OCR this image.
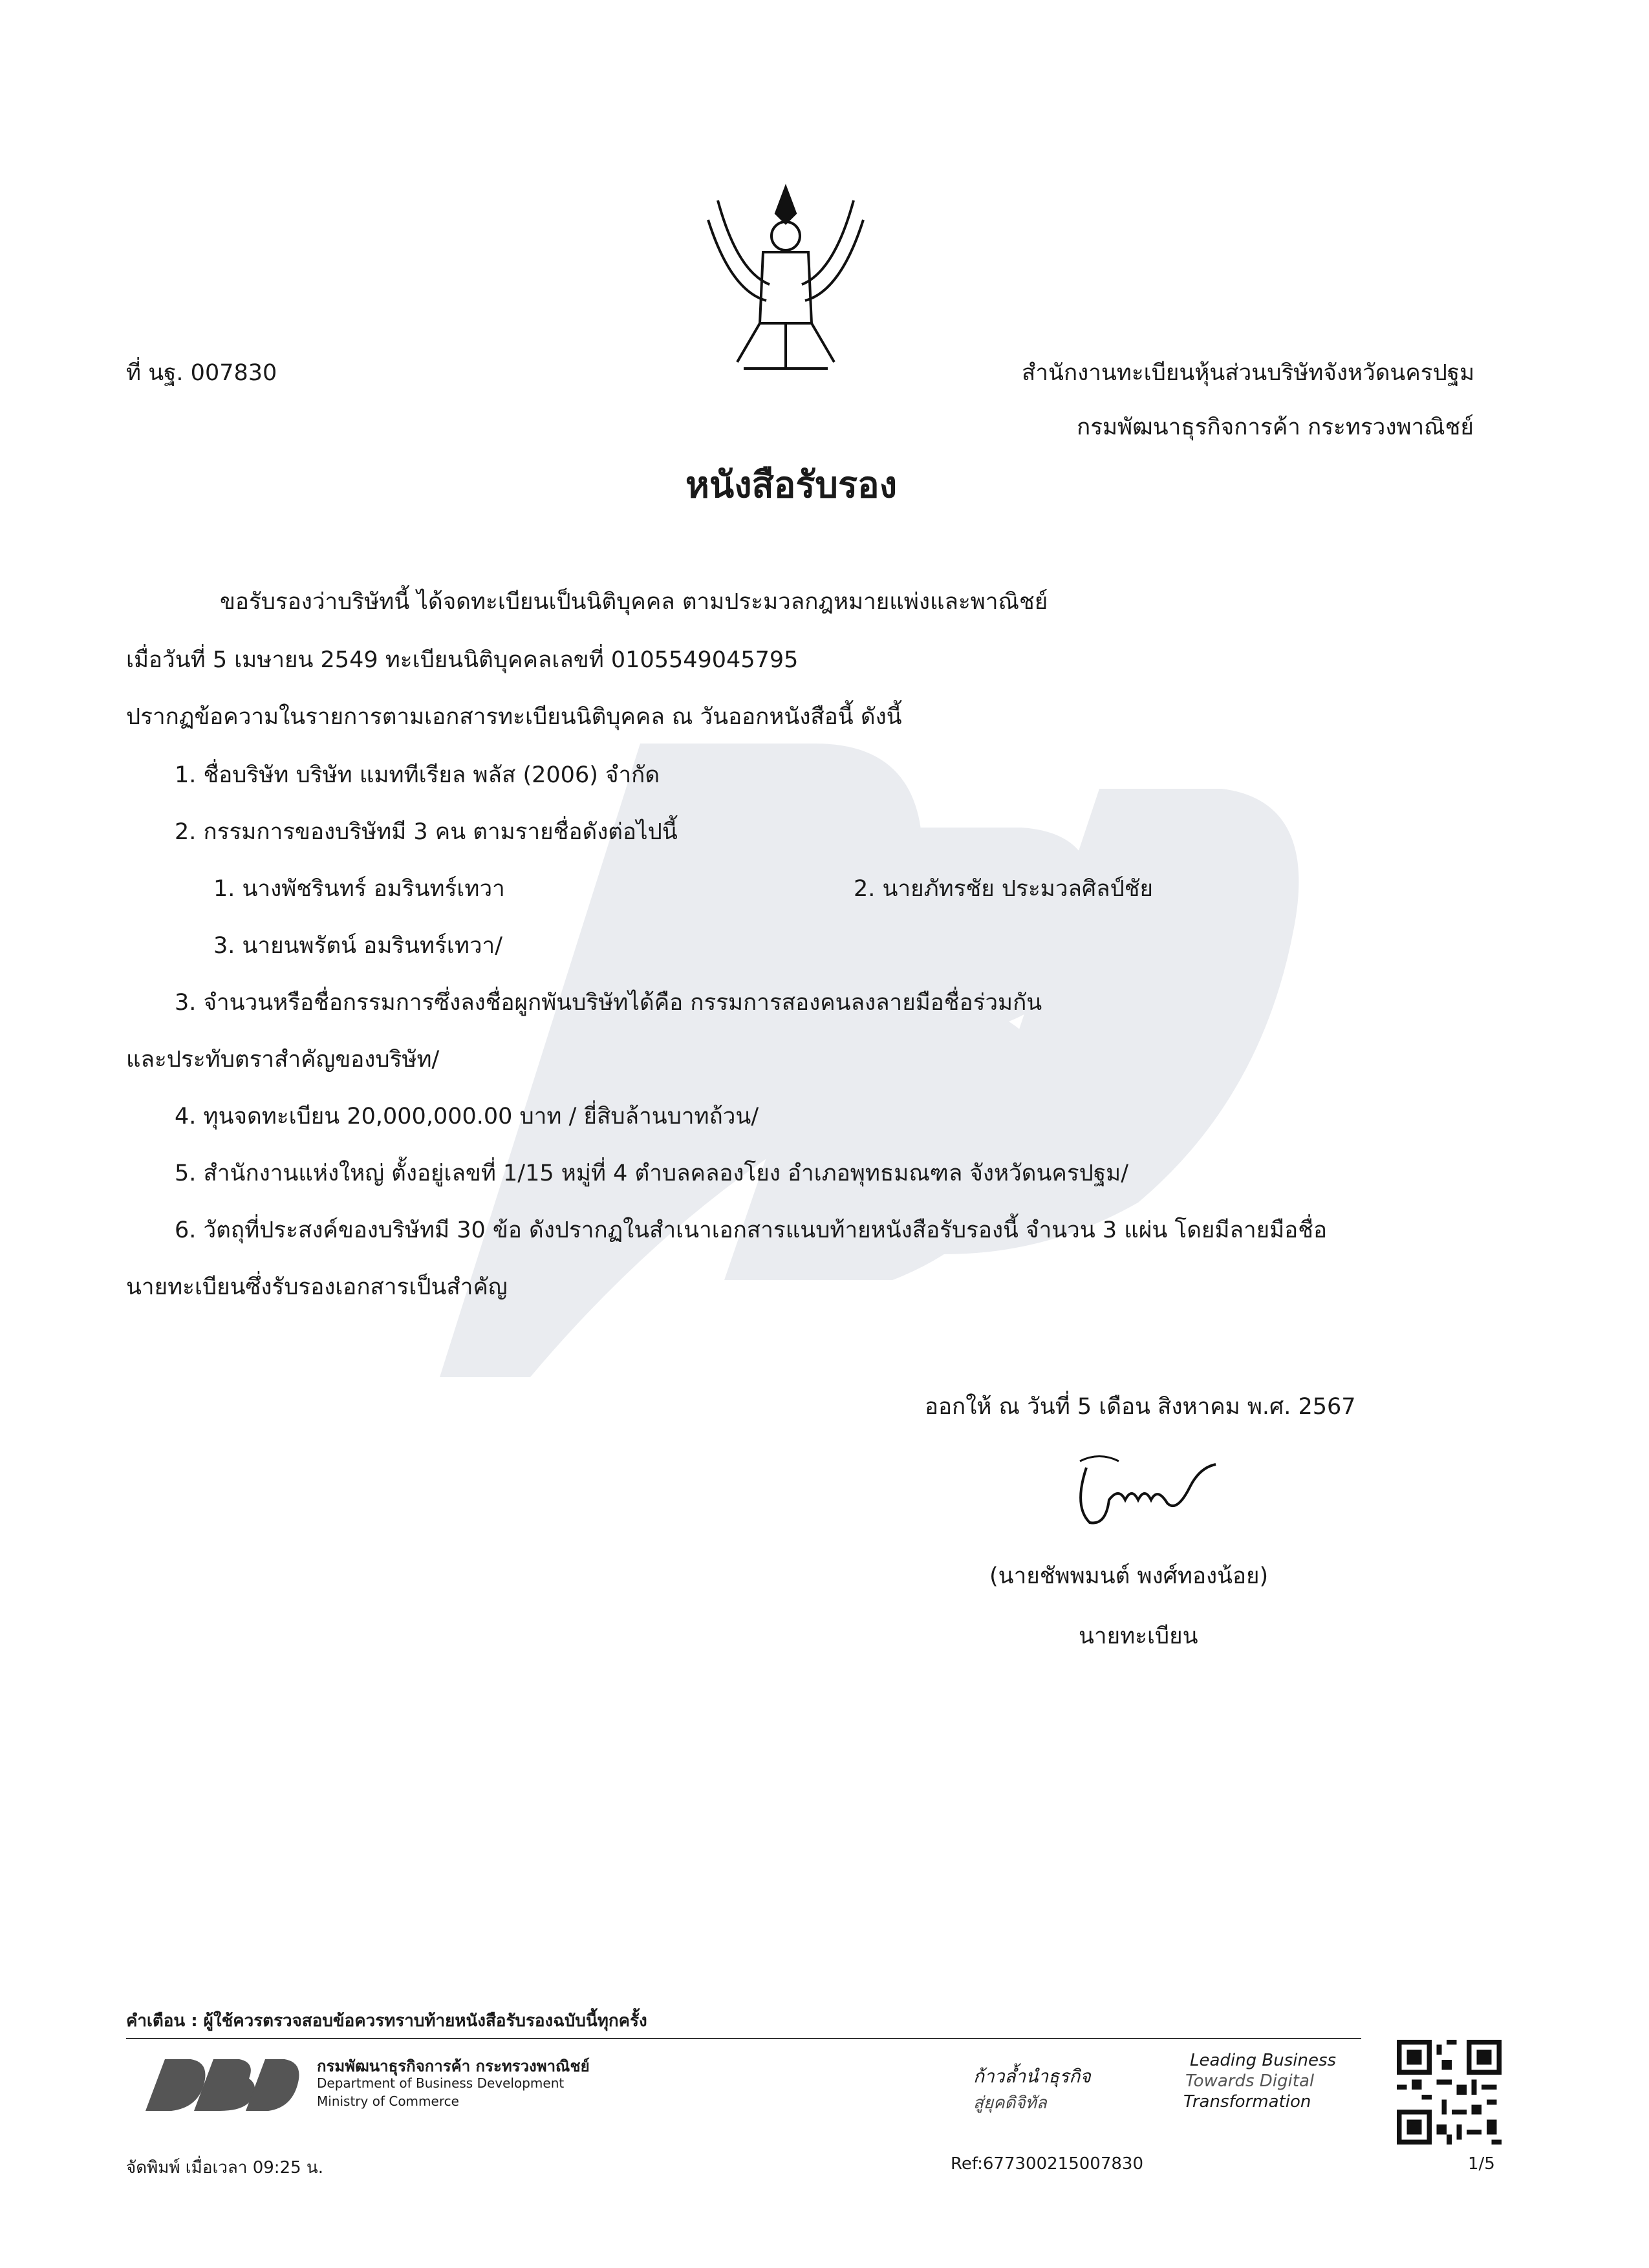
ที่ นฐ. 007830	สำนักงานทะเบียนหุ้นส่วนบริษัทจังหวัดนครปฐม
กรมพัฒนาธุรกิจการค้า กระทรวงพาณิชย์
หนังสือรับรอง
ขอรับรองว่าบริษัทนี้ ได้จดทะเบียนเป็นนิติบุคคล ตามประมวลกฎหมายแพ่งและพาณิชย์
เมื่อวันที่ 5 เมษายน 2549 ทะเบียนนิติบุคคลเลขที่ 0105549045795
ปรากฏข้อความในรายการตามเอกสารทะเบียนนิติบุคคล ณ วันออกหนังสือนี้ ดังนี้
1. ชื่อบริษัท บริษัท แมททีเรียล พลัส (2006) จำกัด
2. กรรมการของบริษัทมี 3 คน ตามรายชื่อดังต่อไปนี้
1. นางพัชรินทร์ อมรินทร์เทวา	2. นายภัทรชัย ประมวลศิลป์ชัย
3. นายนพรัตน์ อมรินทร์เทวา/
3. จำนวนหรือชื่อกรรมการซึ่งลงชื่อผูกพันบริษัทได้คือ กรรมการสองคนลงลายมือชื่อร่วมกัน
และประทับตราสำคัญของบริษัท/
4. ทุนจดทะเบียน 20,000,000.00 บาท / ยี่สิบล้านบาทถ้วน/
5. สำนักงานแห่งใหญ่ ตั้งอยู่เลขที่ 1/15 หมู่ที่ 4 ตำบลคลองโยง อำเภอพุทธมณฑล จังหวัดนครปฐม/
6. วัตถุที่ประสงค์ของบริษัทมี 30 ข้อ ดังปรากฏในสำเนาเอกสารแนบท้ายหนังสือรับรองนี้ จำนวน 3 แผ่น โดยมีลายมือชื่อ
นายทะเบียนซึ่งรับรองเอกสารเป็นสำคัญ
ออกให้ ณ วันที่ 5 เดือน สิงหาคม พ.ศ. 2567
(นายชัพพมนต์ พงศ์ทองน้อย)
นายทะเบียน
คำเตือน : ผู้ใช้ควรตรวจสอบข้อควรทราบท้ายหนังสือรับรองฉบับนี้ทุกครั้ง
กรมพัฒนาธุรกิจการค้า กระทรวงพาณิชย์
Department of Business Development
Ministry of Commerce
ก้าวล้ำนำธุรกิจ
สู่ยุคดิจิทัล
Leading Business
Towards Digital
Transformation
จัดพิมพ์ เมื่อเวลา 09:25 น.	Ref:677300215007830	1/5
